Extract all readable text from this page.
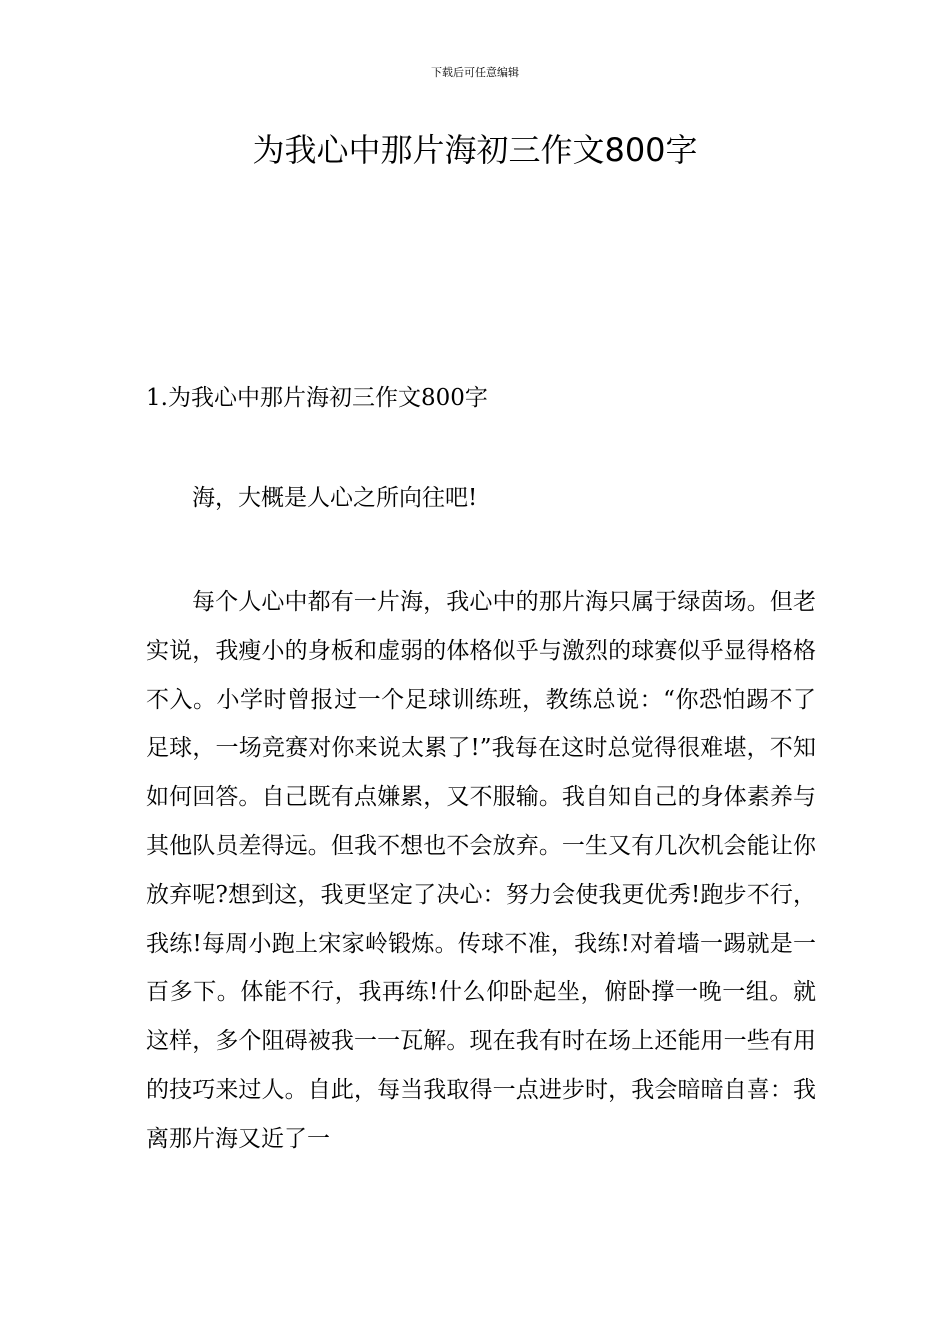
下载后可任意编辑
为我心中那片海初三作文800字
1.为我心中那片海初三作文800字

海，大概是人心之所向往吧!

每个人心中都有一片海，我心中的那片海只属于绿茵场。但老实说，我瘦小的身板和虚弱的体格似乎与激烈的球赛似乎显得格格不入。小学时曾报过一个足球训练班，教练总说：“你恐怕踢不了足球，一场竞赛对你来说太累了!”我每在这时总觉得很难堪，不知如何回答。自己既有点嫌累，又不服输。我自知自己的身体素养与其他队员差得远。但我不想也不会放弃。一生又有几次机会能让你放弃呢?想到这，我更坚定了决心：努力会使我更优秀!跑步不行，我练!每周小跑上宋家岭锻炼。传球不准，我练!对着墙一踢就是一百多下。体能不行，我再练!什么仰卧起坐，俯卧撑一晚一组。就这样，多个阻碍被我一一瓦解。现在我有时在场上还能用一些有用的技巧来过人。自此，每当我取得一点进步时，我会暗暗自喜：我离那片海又近了一
